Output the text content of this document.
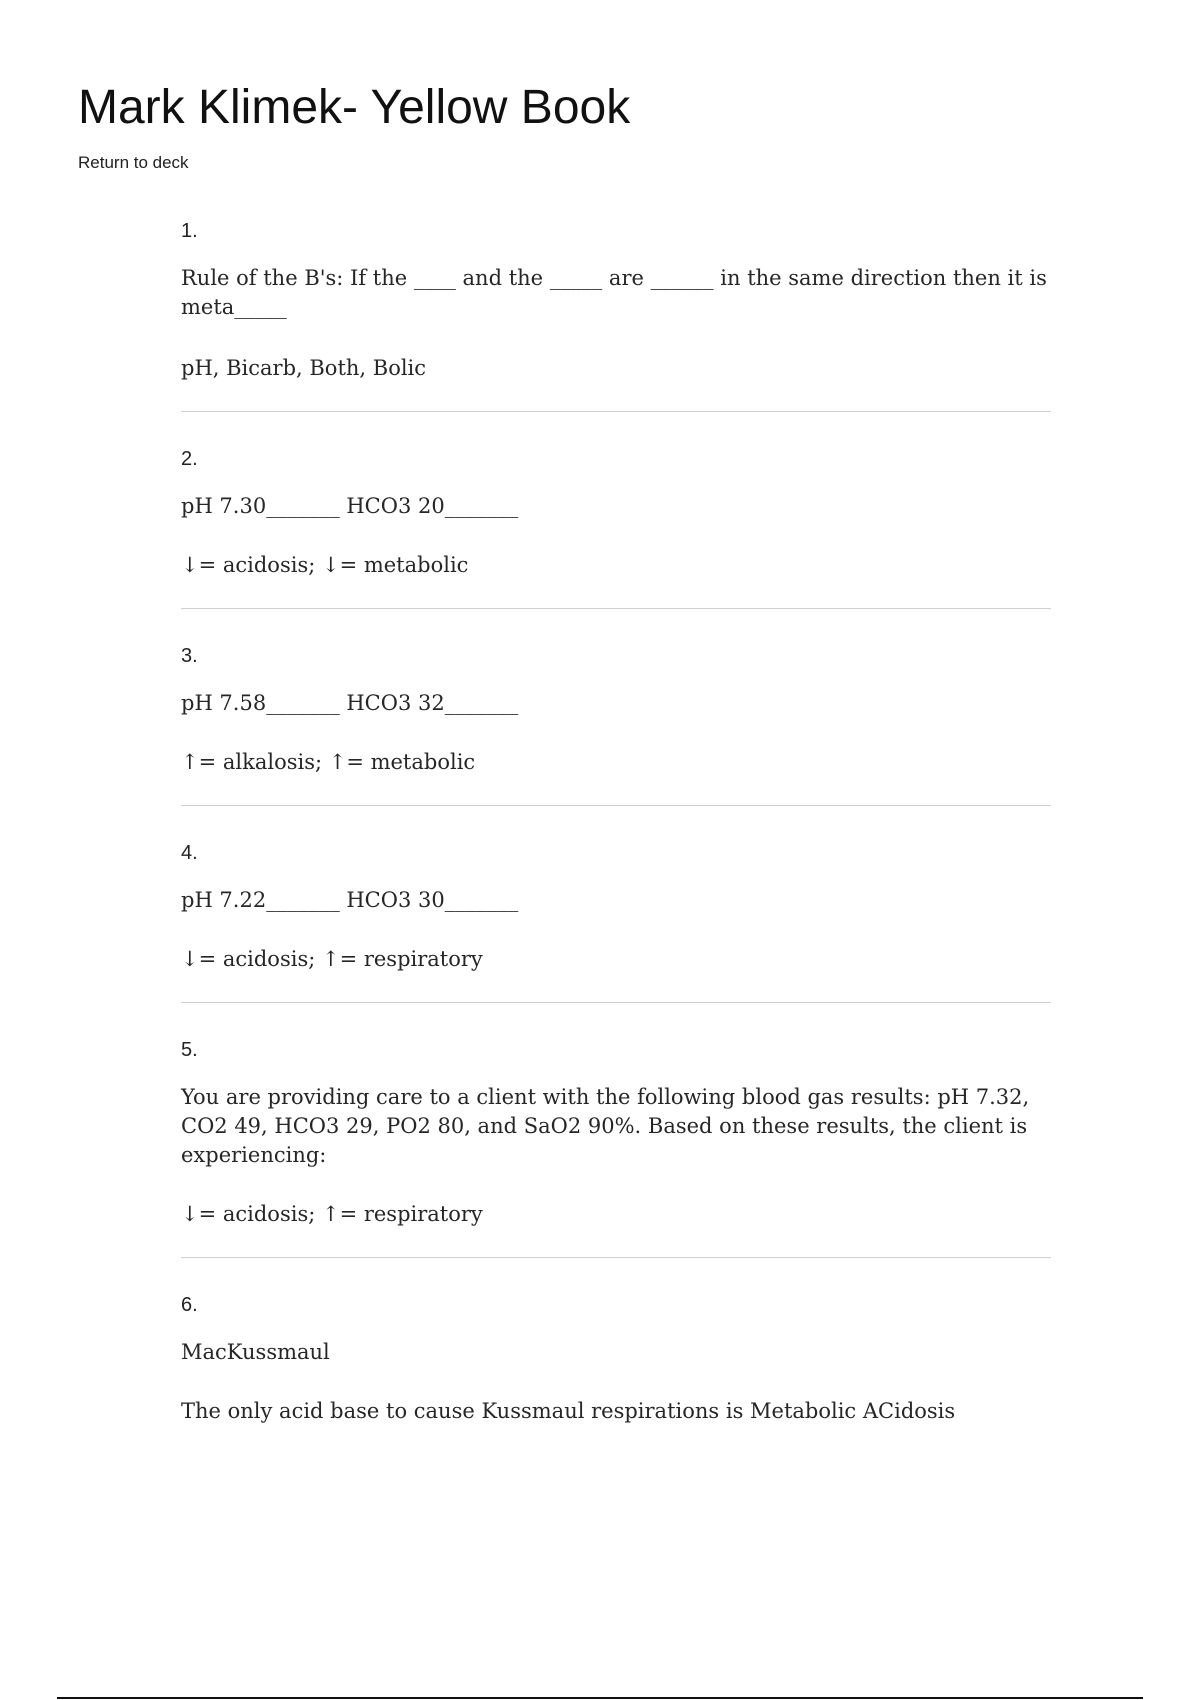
Mark Klimek- Yellow Book
Return to deck

1.

Rule of the B's: If the ____ and the _____ are ______ in the same direction then it is meta_____

pH, Bicarb, Both, Bolic

2.

pH 7.30_______ HCO3 20_______

↓= acidosis; ↓= metabolic

3.

pH 7.58_______ HCO3 32_______

↑= alkalosis; ↑= metabolic

4.

pH 7.22_______ HCO3 30_______

↓= acidosis; ↑= respiratory

5.

You are providing care to a client with the following blood gas results: pH 7.32, CO2 49, HCO3 29, PO2 80, and SaO2 90%. Based on these results, the client is experiencing:

↓= acidosis; ↑= respiratory

6.

MacKussmaul

The only acid base to cause Kussmaul respirations is Metabolic ACidosis
